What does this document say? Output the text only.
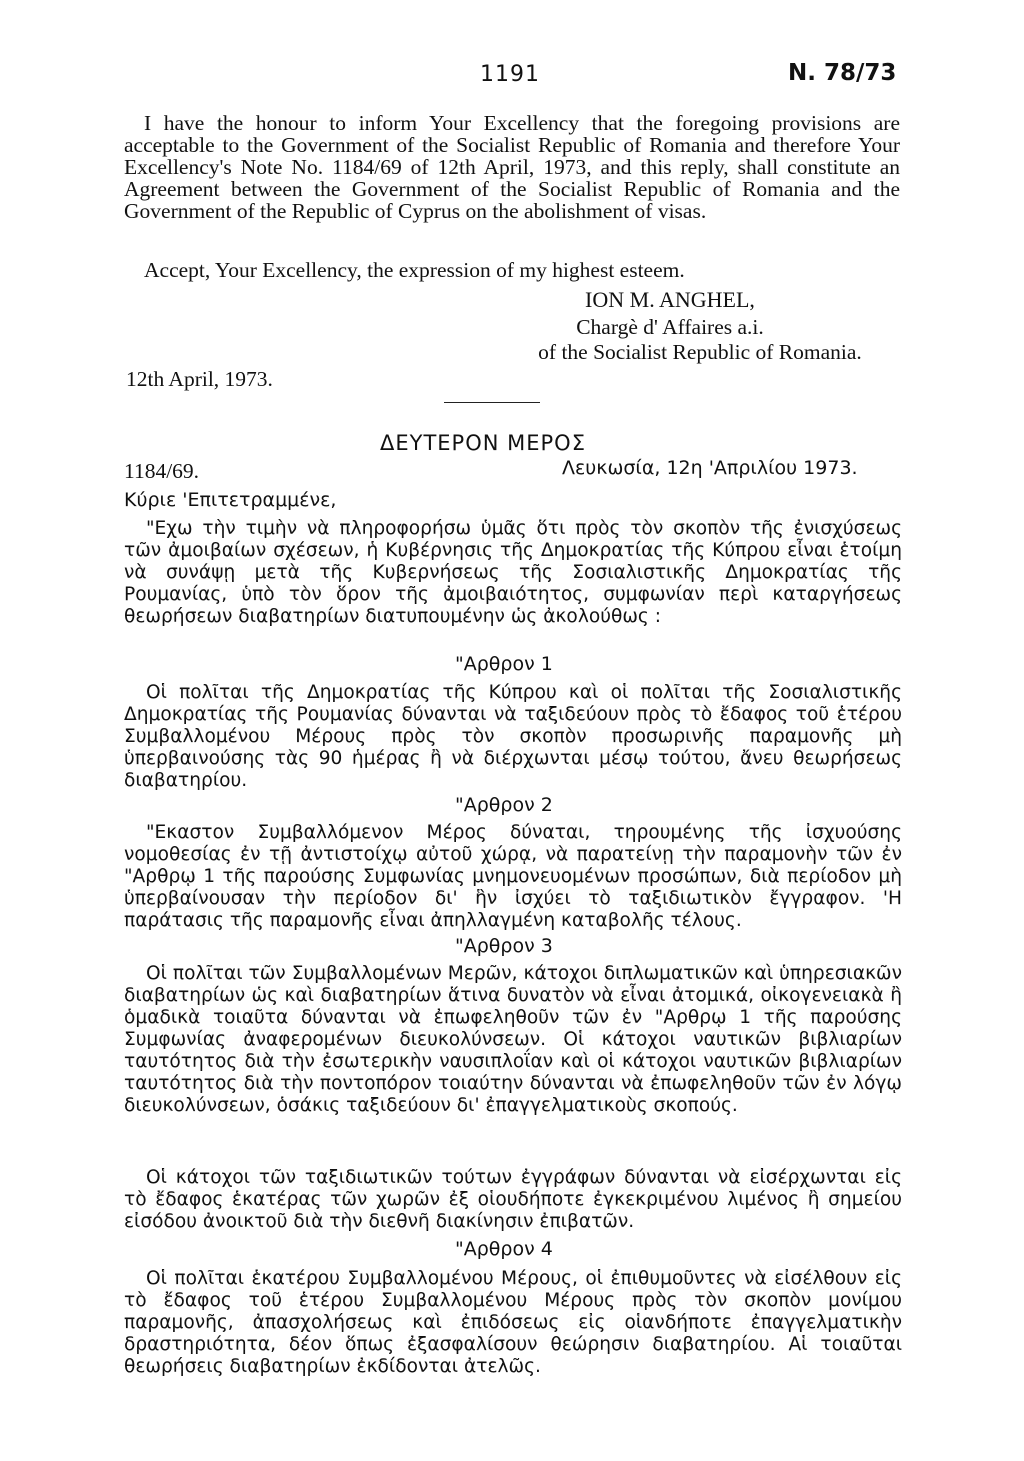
1191	N. 78/73

I have the honour to inform Your Excellency that the foregoing provisions are acceptable to the Government of the Socialist Republic of Romania and therefore Your Excellency's Note No. 1184/69 of 12th April, 1973, and this reply, shall constitute an Agreement between the Government of the Socialist Republic of Romania and the Government of the Republic of Cyprus on the abolishment of visas.

Accept, Your Excellency, the expression of my highest esteem.
ION M. ANGHEL,
Chargè d' Affaires a.i.
of the Socialist Republic of Romania.
12th April, 1973.
ΔΕΥΤΕΡΟΝ ΜΕΡΟΣ
1184/69.	Λευκωσία, 12η 'Απριλίου 1973.
Κύριε 'Επιτετραμμένε,

"Εχω τὴν τιμὴν νὰ πληροφορήσω ὑμᾶς ὅτι πρὸς τὸν σκοπὸν τῆς ἐνισχύσεως τῶν ἀμοιβαίων σχέσεων, ἡ Κυβέρνησις τῆς Δημοκρατίας τῆς Κύπρου εἶναι ἑτοίμη νὰ συνάψῃ μετὰ τῆς Κυβερνήσεως τῆς Σοσιαλιστικῆς Δημοκρατίας τῆς Ρουμανίας, ὑπὸ τὸν ὅρον τῆς ἀμοιβαιότητος, συμφωνίαν περὶ καταργήσεως θεωρήσεων διαβατηρίων διατυπουμένην ὡς ἀκολούθως :

"Αρθρον 1

Οἱ πολῖται τῆς Δημοκρατίας τῆς Κύπρου καὶ οἱ πολῖται τῆς Σοσιαλιστικῆς Δημοκρατίας τῆς Ρουμανίας δύνανται νὰ ταξιδεύουν πρὸς τὸ ἔδαφος τοῦ ἑτέρου Συμβαλλομένου Μέρους πρὸς τὸν σκοπὸν προσωρινῆς παραμονῆς μὴ ὑπερβαινούσης τὰς 90 ἡμέρας ἢ νὰ διέρχωνται μέσῳ τούτου, ἄνευ θεωρήσεως διαβατηρίου.

"Αρθρον 2

"Εκαστον Συμβαλλόμενον Μέρος δύναται, τηρουμένης τῆς ἰσχυούσης νομοθεσίας ἐν τῇ ἀντιστοίχῳ αὐτοῦ χώρᾳ, νὰ παρατείνῃ τὴν παραμονὴν τῶν ἐν "Αρθρῳ 1 τῆς παρούσης Συμφωνίας μνημονευομένων προσώπων, διὰ περίοδον μὴ ὑπερβαίνουσαν τὴν περίοδον δι' ἣν ἰσχύει τὸ ταξιδιωτικὸν ἔγγραφον. 'Η παράτασις τῆς παραμονῆς εἶναι ἀπηλλαγμένη καταβολῆς τέλους.

"Αρθρον 3

Οἱ πολῖται τῶν Συμβαλλομένων Μερῶν, κάτοχοι διπλωματικῶν καὶ ὑπηρεσιακῶν διαβατηρίων ὡς καὶ διαβατηρίων ἅτινα δυνατὸν νὰ εἶναι ἀτομικά, οἰκογενειακὰ ἢ ὁμαδικὰ τοιαῦτα δύνανται νὰ ἐπωφεληθοῦν τῶν ἐν "Αρθρῳ 1 τῆς παρούσης Συμφωνίας ἀναφερομένων διευκολύνσεων. Οἱ κάτοχοι ναυτικῶν βιβλιαρίων ταυτότητος διὰ τὴν ἐσωτερικὴν ναυσιπλοΐαν καὶ οἱ κάτοχοι ναυτικῶν βιβλιαρίων ταυτότητος διὰ τὴν ποντοπόρον τοιαύτην δύνανται νὰ ἐπωφεληθοῦν τῶν ἐν λόγῳ διευκολύνσεων, ὁσάκις ταξιδεύουν δι' ἐπαγγελματικοὺς σκοπούς.

Οἱ κάτοχοι τῶν ταξιδιωτικῶν τούτων ἐγγράφων δύνανται νὰ εἰσέρχωνται εἰς τὸ ἔδαφος ἑκατέρας τῶν χωρῶν ἐξ οἱουδήποτε ἐγκεκριμένου λιμένος ἢ σημείου εἰσόδου ἀνοικτοῦ διὰ τὴν διεθνῆ διακίνησιν ἐπιβατῶν.

"Αρθρον 4

Οἱ πολῖται ἑκατέρου Συμβαλλομένου Μέρους, οἱ ἐπιθυμοῦντες νὰ εἰσέλθουν εἰς τὸ ἔδαφος τοῦ ἑτέρου Συμβαλλομένου Μέρους πρὸς τὸν σκοπὸν μονίμου παραμονῆς, ἀπασχολήσεως καὶ ἐπιδόσεως εἰς οἱανδήποτε ἐπαγγελματικὴν δραστηριότητα, δέον ὅπως ἐξασφαλίσουν θεώρησιν διαβατηρίου. Αἱ τοιαῦται θεωρήσεις διαβατηρίων ἐκδίδονται ἀτελῶς.
